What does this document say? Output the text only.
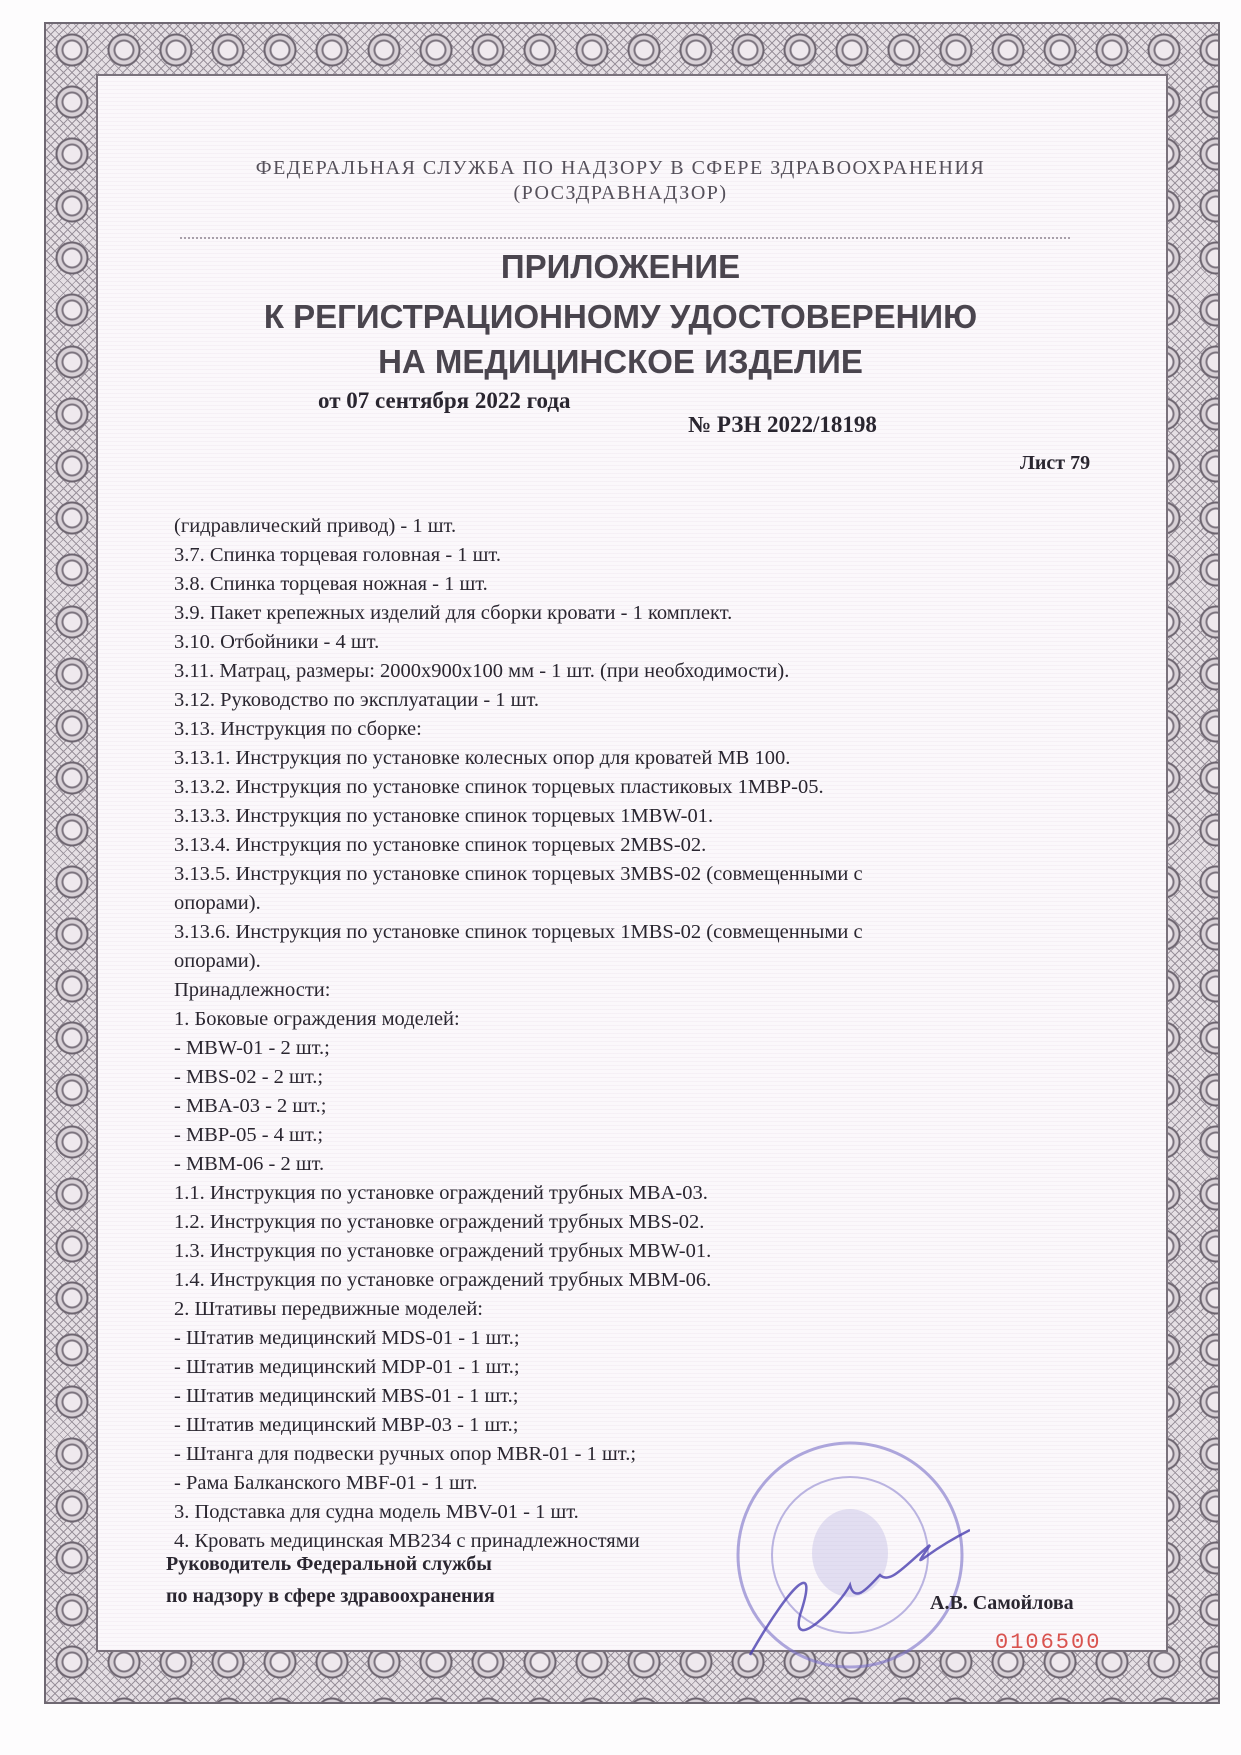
ФЕДЕРАЛЬНАЯ СЛУЖБА ПО НАДЗОРУ В СФЕРЕ ЗДРАВООХРАНЕНИЯ
(РОСЗДРАВНАДЗОР)
ПРИЛОЖЕНИЕ
К РЕГИСТРАЦИОННОМУ УДОСТОВЕРЕНИЮ
НА МЕДИЦИНСКОЕ ИЗДЕЛИЕ
от 07 сентября 2022 года
№ РЗН 2022/18198
Лист 79
(гидравлический привод) - 1 шт.
3.7. Спинка торцевая головная - 1 шт.
3.8. Спинка торцевая ножная - 1 шт.
3.9. Пакет крепежных изделий для сборки кровати - 1 комплект.
3.10. Отбойники - 4 шт.
3.11. Матрац, размеры: 2000х900х100 мм - 1 шт. (при необходимости).
3.12. Руководство по эксплуатации - 1 шт.
3.13. Инструкция по сборке:
3.13.1. Инструкция по установке колесных опор для кроватей МВ 100.
3.13.2. Инструкция по установке спинок торцевых пластиковых 1MBP-05.
3.13.3. Инструкция по установке спинок торцевых 1MBW-01.
3.13.4. Инструкция по установке спинок торцевых 2MBS-02.
3.13.5. Инструкция по установке спинок торцевых 3MBS-02 (совмещенными с
опорами).
3.13.6. Инструкция по установке спинок торцевых 1MBS-02 (совмещенными с
опорами).
Принадлежности:
1. Боковые ограждения моделей:
- MBW-01 - 2 шт.;
- MBS-02 - 2 шт.;
- MBA-03 - 2 шт.;
- MBP-05 - 4 шт.;
- MBM-06 - 2 шт.
1.1. Инструкция по установке ограждений трубных MBA-03.
1.2. Инструкция по установке ограждений трубных MBS-02.
1.3. Инструкция по установке ограждений трубных MBW-01.
1.4. Инструкция по установке ограждений трубных MBM-06.
2. Штативы передвижные моделей:
- Штатив медицинский MDS-01 - 1 шт.;
- Штатив медицинский MDP-01 - 1 шт.;
- Штатив медицинский MBS-01 - 1 шт.;
- Штатив медицинский MBP-03 - 1 шт.;
- Штанга для подвески ручных опор MBR-01 - 1 шт.;
- Рама Балканского MBF-01 - 1 шт.
3. Подставка для судна модель MBV-01 - 1 шт.
4. Кровать медицинская МВ234 с принадлежностями
Руководитель Федеральной службы
по надзору в сфере здравоохранения	А.В. Самойлова
0106500
